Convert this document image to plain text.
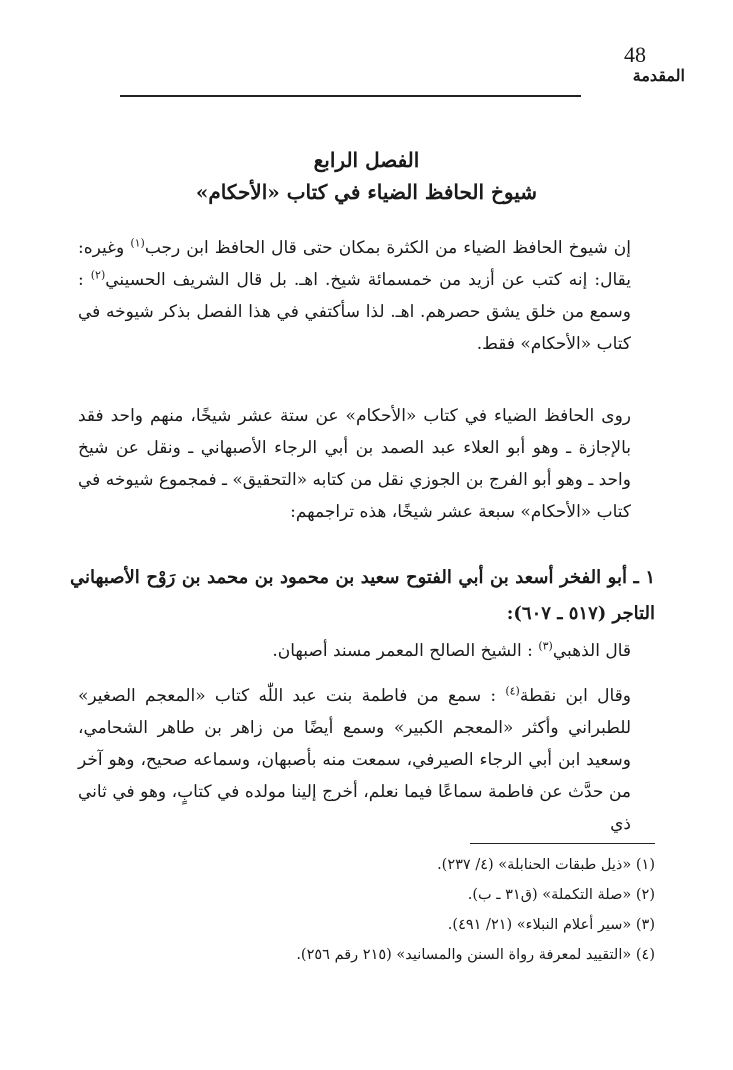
48
المقدمة
الفصل الرابع
شيوخ الحافظ الضياء في كتاب «الأحكام»

إن شيوخ الحافظ الضياء من الكثرة بمكان حتى قال الحافظ ابن رجب$^{(١)}$ وغيره: يقال: إنه كتب عن أزيد من خمسمائة شيخ. اهـ. بل قال الشريف الحسيني$^{(٢)}$ : وسمع من خلق يشق حصرهم. اهـ. لذا سأكتفي في هذا الفصل بذكر شيوخه في كتاب «الأحكام» فقط.

روى الحافظ الضياء في كتاب «الأحكام» عن ستة عشر شيخًا، منهم واحد فقد بالإجازة ـ وهو أبو العلاء عبد الصمد بن أبي الرجاء الأصبهاني ـ ونقل عن شيخ واحد ـ وهو أبو الفرج بن الجوزي نقل من كتابه «التحقيق» ـ فمجموع شيوخه في كتاب «الأحكام» سبعة عشر شيخًا، هذه تراجمهم:

١ ـ أبو الفخر أسعد بن أبي الفتوح سعيد بن محمود بن محمد بن رَوْح الأصبهاني التاجر (٥١٧ ـ ٦٠٧):

قال الذهبي$^{(٣)}$ : الشيخ الصالح المعمر مسند أصبهان.

وقال ابن نقطة$^{(٤)}$ : سمع من فاطمة بنت عبد اللّٰه كتاب «المعجم الصغير» للطبراني وأكثر «المعجم الكبير» وسمع أيضًا من زاهر بن طاهر الشحامي، وسعيد ابن أبي الرجاء الصيرفي، سمعت منه بأصبهان، وسماعه صحيح، وهو آخر من حدَّث عن فاطمة سماعًا فيما نعلم، أخرج إلينا مولده في كتابٍ، وهو في ثاني ذي

(١) «ذيل طبقات الحنابلة» (٤/ ٢٣٧).
(٢) «صلة التكملة» (ق٣١ ـ ب).
(٣) «سير أعلام النبلاء» (٢١/ ٤٩١).
(٤) «التقييد لمعرفة رواة السنن والمسانيد» (٢١٥ رقم ٢٥٦).
